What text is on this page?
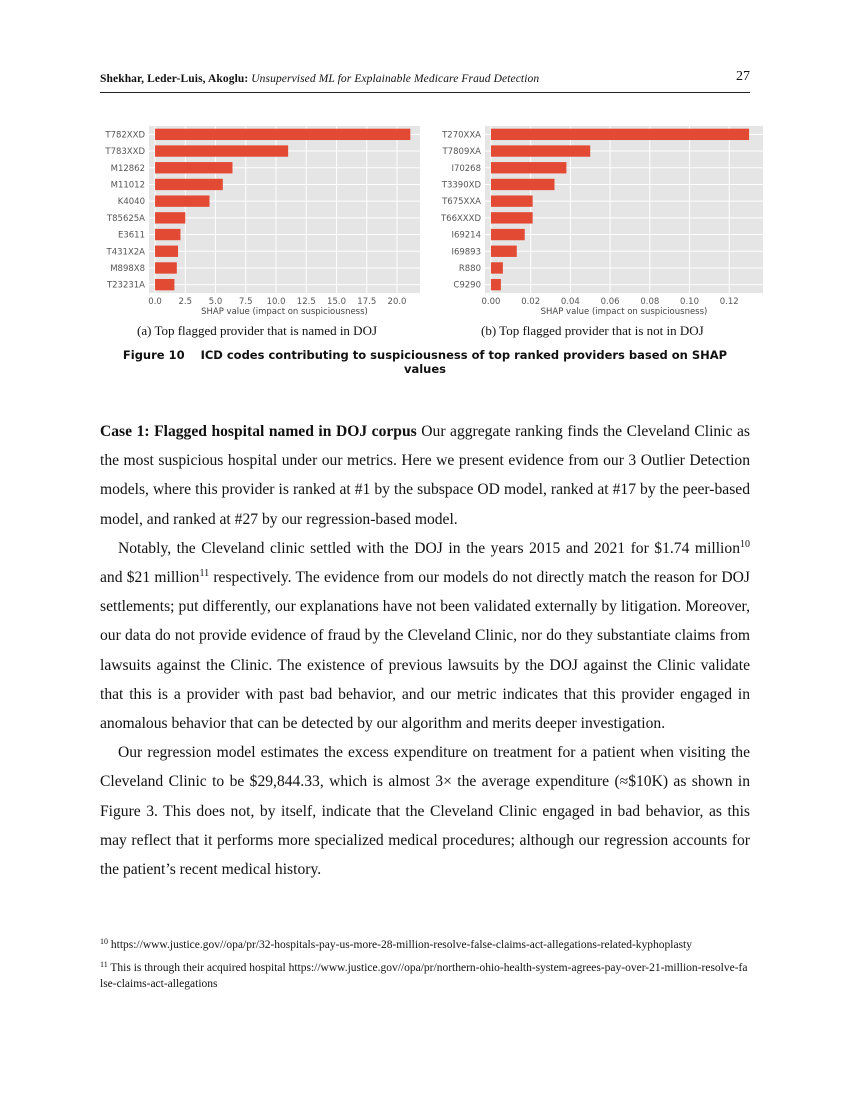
Shekhar, Leder-Luis, Akoglu: Unsupervised ML for Explainable Medicare Fraud Detection	27
0.0 2.5 5.0 7.5 10.0 12.5 15.0 17.5 20.0
T782XXD
T783XXD
M12862
M11012
K4040
T85625A
E3611
T431X2A
M898X8
T23231A
SHAP value (impact on suspiciousness)
0.00 0.02 0.04 0.06 0.08 0.10 0.12
T270XXA
T7809XA
I70268
T3390XD
T675XXA
T66XXXD
I69214
I69893
R880
C9290
SHAP value (impact on suspiciousness)
(a) Top flagged provider that is named in DOJ	(b) Top flagged provider that is not in DOJ
Figure 10 ICD codes contributing to suspiciousness of top ranked providers based on SHAP values

Case 1: Flagged hospital named in DOJ corpus Our aggregate ranking finds the Cleveland Clinic as the most suspicious hospital under our metrics. Here we present evidence from our 3 Outlier Detection models, where this provider is ranked at #1 by the subspace OD model, ranked at #17 by the peer-based model, and ranked at #27 by our regression-based model.

Notably, the Cleveland clinic settled with the DOJ in the years 2015 and 2021 for $1.74 million$^{10}$ and $21 million$^{11}$ respectively. The evidence from our models do not directly match the reason for DOJ settlements; put differently, our explanations have not been validated externally by litigation. Moreover, our data do not provide evidence of fraud by the Cleveland Clinic, nor do they substantiate claims from lawsuits against the Clinic. The existence of previous lawsuits by the DOJ against the Clinic validate that this is a provider with past bad behavior, and our metric indicates that this provider engaged in anomalous behavior that can be detected by our algorithm and merits deeper investigation.

Our regression model estimates the excess expenditure on treatment for a patient when visiting the Cleveland Clinic to be $29,844.33, which is almost 3× the average expenditure (≈$10K) as shown in Figure 3. This does not, by itself, indicate that the Cleveland Clinic engaged in bad behavior, as this may reflect that it performs more specialized medical procedures; although our regression accounts for the patient’s recent medical history.

$^{10}$ https://www.justice.gov//opa/pr/32-hospitals-pay-us-more-28-million-resolve-false-claims-act-allegations-related-kyphoplasty
$^{11}$ This is through their acquired hospital https://www.justice.gov//opa/pr/northern-ohio-health-system-agrees-pay-over-21-million-resolve-false-claims-act-allegations
